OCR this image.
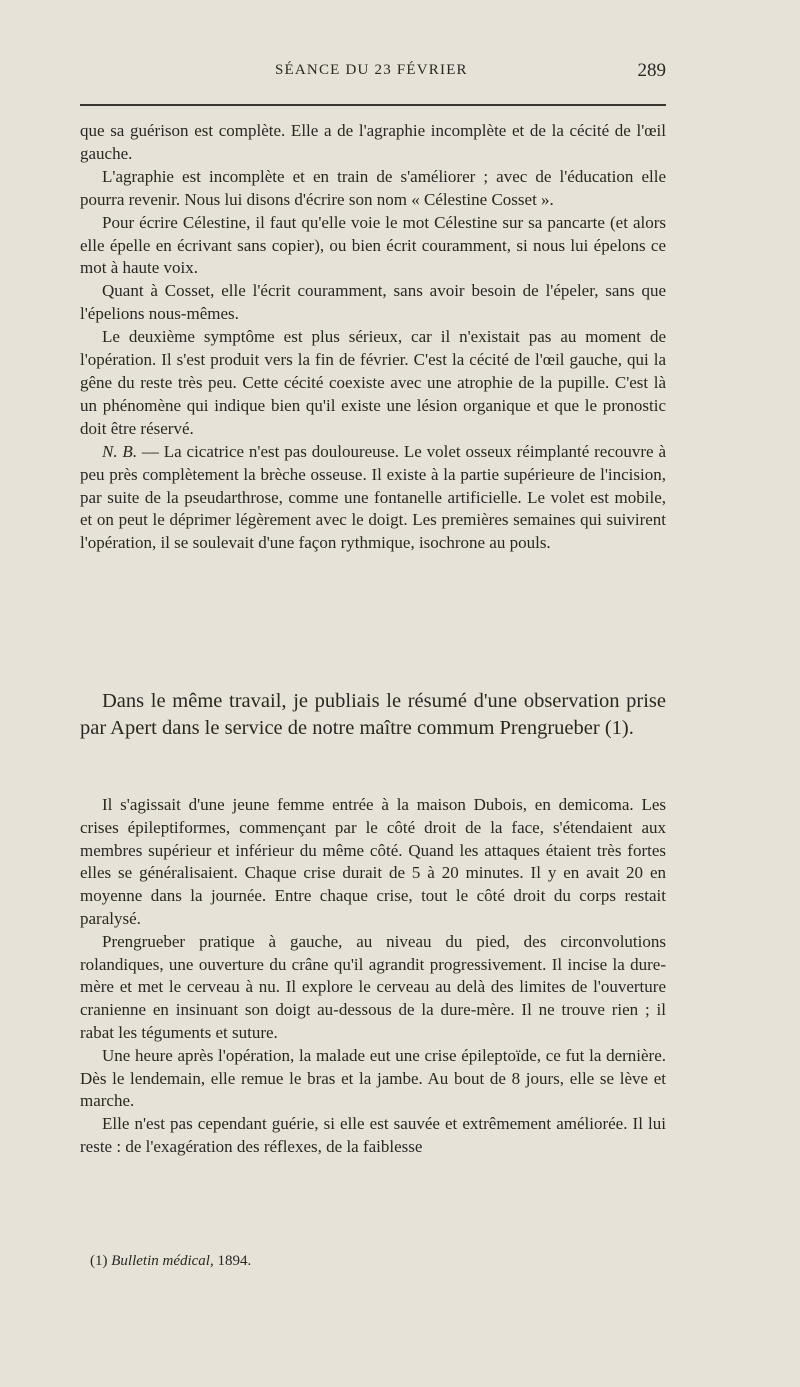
SÉANCE DU 23 FÉVRIER	289

que sa guérison est complète. Elle a de l'agraphie incomplète et de la cécité de l'œil gauche.

L'agraphie est incomplète et en train de s'améliorer ; avec de l'éducation elle pourra revenir. Nous lui disons d'écrire son nom « Célestine Cosset ».

Pour écrire Célestine, il faut qu'elle voie le mot Célestine sur sa pancarte (et alors elle épelle en écrivant sans copier), ou bien écrit couramment, si nous lui épelons ce mot à haute voix.

Quant à Cosset, elle l'écrit couramment, sans avoir besoin de l'épeler, sans que l'épelions nous-mêmes.

Le deuxième symptôme est plus sérieux, car il n'existait pas au moment de l'opération. Il s'est produit vers la fin de février. C'est la cécité de l'œil gauche, qui la gêne du reste très peu. Cette cécité coexiste avec une atrophie de la pupille. C'est là un phénomène qui indique bien qu'il existe une lésion organique et que le pronostic doit être réservé.

N. B. — La cicatrice n'est pas douloureuse. Le volet osseux réimplanté recouvre à peu près complètement la brèche osseuse. Il existe à la partie supérieure de l'incision, par suite de la pseudarthrose, comme une fontanelle artificielle. Le volet est mobile, et on peut le déprimer légèrement avec le doigt. Les premières semaines qui suivirent l'opération, il se soulevait d'une façon rythmique, isochrone au pouls.

Dans le même travail, je publiais le résumé d'une observation prise par Apert dans le service de notre maître commum Prengrueber (1).

Il s'agissait d'une jeune femme entrée à la maison Dubois, en demicoma. Les crises épileptiformes, commençant par le côté droit de la face, s'étendaient aux membres supérieur et inférieur du même côté. Quand les attaques étaient très fortes elles se généralisaient. Chaque crise durait de 5 à 20 minutes. Il y en avait 20 en moyenne dans la journée. Entre chaque crise, tout le côté droit du corps restait paralysé.

Prengrueber pratique à gauche, au niveau du pied, des circonvolutions rolandiques, une ouverture du crâne qu'il agrandit progressivement. Il incise la dure-mère et met le cerveau à nu. Il explore le cerveau au delà des limites de l'ouverture cranienne en insinuant son doigt au-dessous de la dure-mère. Il ne trouve rien ; il rabat les téguments et suture.

Une heure après l'opération, la malade eut une crise épileptoïde, ce fut la dernière. Dès le lendemain, elle remue le bras et la jambe. Au bout de 8 jours, elle se lève et marche.

Elle n'est pas cependant guérie, si elle est sauvée et extrêmement améliorée. Il lui reste : de l'exagération des réflexes, de la faiblesse

(1) Bulletin médical, 1894.
